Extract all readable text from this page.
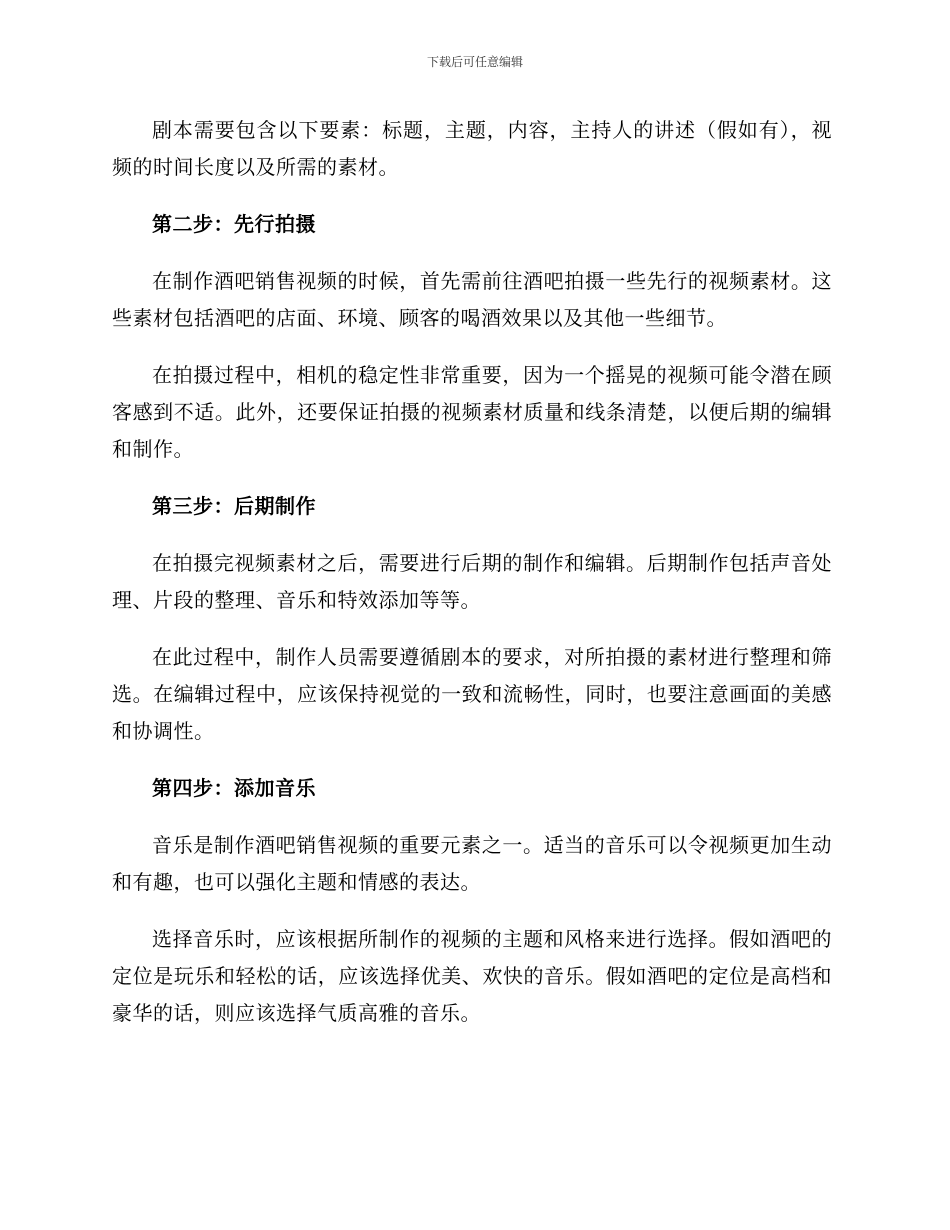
下载后可任意编辑

剧本需要包含以下要素：标题，主题，内容，主持人的讲述（假如有），视频的时间长度以及所需的素材。

第二步：先行拍摄

在制作酒吧销售视频的时候，首先需前往酒吧拍摄一些先行的视频素材。这些素材包括酒吧的店面、环境、顾客的喝酒效果以及其他一些细节。

在拍摄过程中，相机的稳定性非常重要，因为一个摇晃的视频可能令潜在顾客感到不适。此外，还要保证拍摄的视频素材质量和线条清楚，以便后期的编辑和制作。

第三步：后期制作

在拍摄完视频素材之后，需要进行后期的制作和编辑。后期制作包括声音处理、片段的整理、音乐和特效添加等等。

在此过程中，制作人员需要遵循剧本的要求，对所拍摄的素材进行整理和筛选。在编辑过程中，应该保持视觉的一致和流畅性，同时，也要注意画面的美感和协调性。

第四步：添加音乐

音乐是制作酒吧销售视频的重要元素之一。适当的音乐可以令视频更加生动和有趣，也可以强化主题和情感的表达。

选择音乐时，应该根据所制作的视频的主题和风格来进行选择。假如酒吧的定位是玩乐和轻松的话，应该选择优美、欢快的音乐。假如酒吧的定位是高档和豪华的话，则应该选择气质高雅的音乐。
